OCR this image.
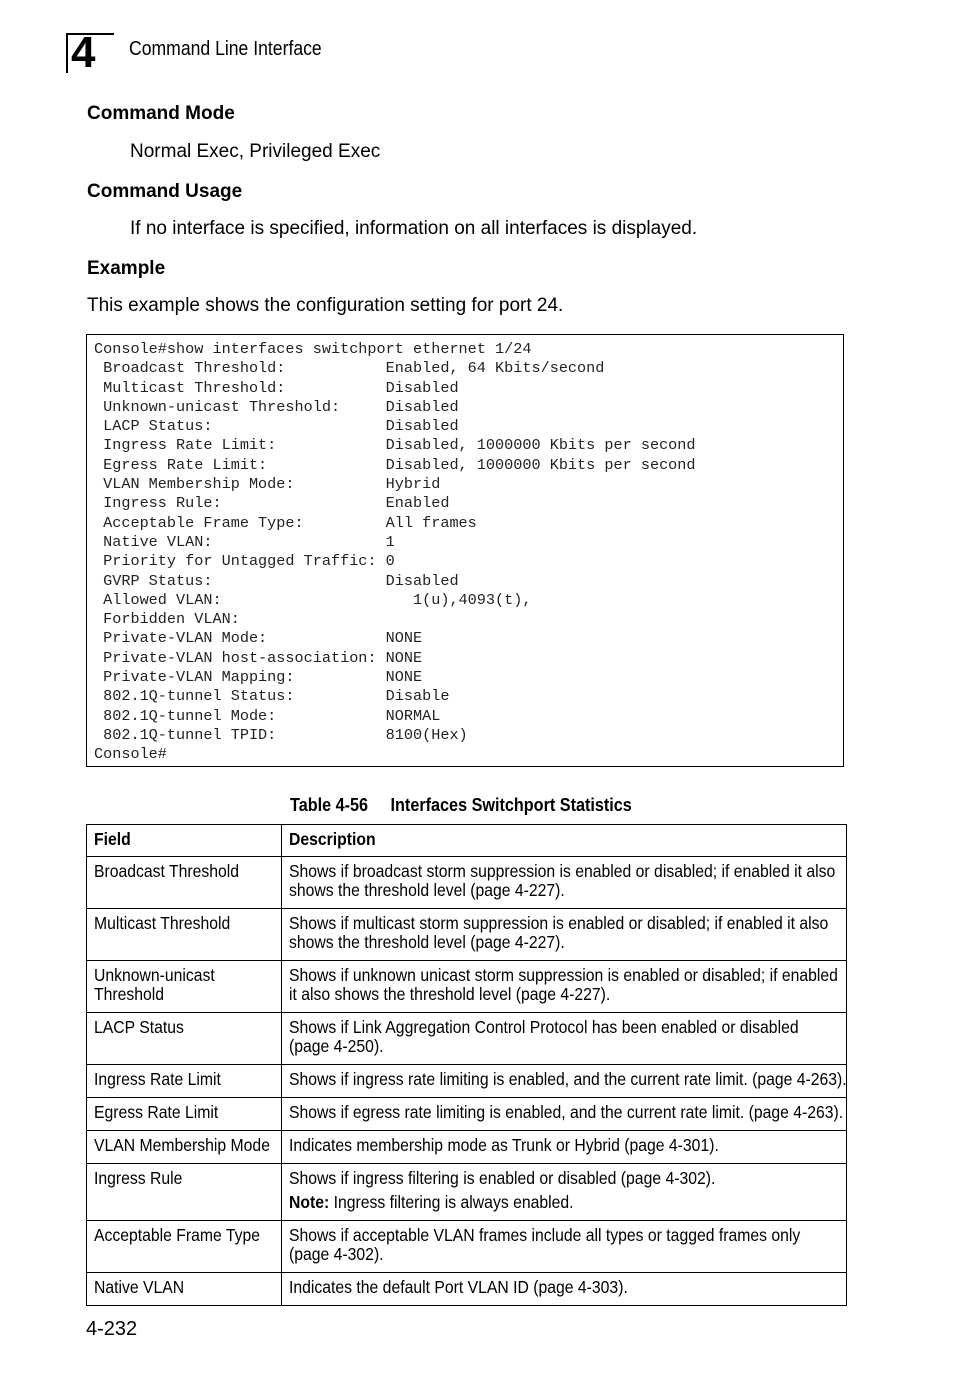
4 Command Line Interface
Command Mode
Normal Exec, Privileged Exec
Command Usage
If no interface is specified, information on all interfaces is displayed.
Example
This example shows the configuration setting for port 24.
Console#show interfaces switchport ethernet 1/24
Broadcast Threshold:           Enabled, 64 Kbits/second
Multicast Threshold:           Disabled
Unknown-unicast Threshold:     Disabled
LACP Status:                   Disabled
Ingress Rate Limit:            Disabled, 1000000 Kbits per second
Egress Rate Limit:             Disabled, 1000000 Kbits per second
VLAN Membership Mode:          Hybrid
Ingress Rule:                  Enabled
Acceptable Frame Type:         All frames
Native VLAN:                   1
Priority for Untagged Traffic: 0
GVRP Status:                   Disabled
Allowed VLAN:                     1(u),4093(t),
Forbidden VLAN:
Private-VLAN Mode:             NONE
Private-VLAN host-association: NONE
Private-VLAN Mapping:          NONE
802.1Q-tunnel Status:          Disable
802.1Q-tunnel Mode:            NORMAL
802.1Q-tunnel TPID:            8100(Hex)
Console#
Table 4-56     Interfaces Switchport Statistics
Field	Description
Broadcast Threshold	Shows if broadcast storm suppression is enabled or disabled; if enabled it also shows the threshold level (page 4-227).
Multicast Threshold	Shows if multicast storm suppression is enabled or disabled; if enabled it also shows the threshold level (page 4-227).
Unknown-unicast Threshold	Shows if unknown unicast storm suppression is enabled or disabled; if enabled it also shows the threshold level (page 4-227).
LACP Status	Shows if Link Aggregation Control Protocol has been enabled or disabled (page 4-250).
Ingress Rate Limit	Shows if ingress rate limiting is enabled, and the current rate limit. (page 4-263).
Egress Rate Limit	Shows if egress rate limiting is enabled, and the current rate limit. (page 4-263).
VLAN Membership Mode	Indicates membership mode as Trunk or Hybrid (page 4-301).
Ingress Rule	Shows if ingress filtering is enabled or disabled (page 4-302).
Note: Ingress filtering is always enabled.

Acceptable Frame Type	Shows if acceptable VLAN frames include all types or tagged frames only (page 4-302).
Native VLAN	Indicates the default Port VLAN ID (page 4-303).
4-232
